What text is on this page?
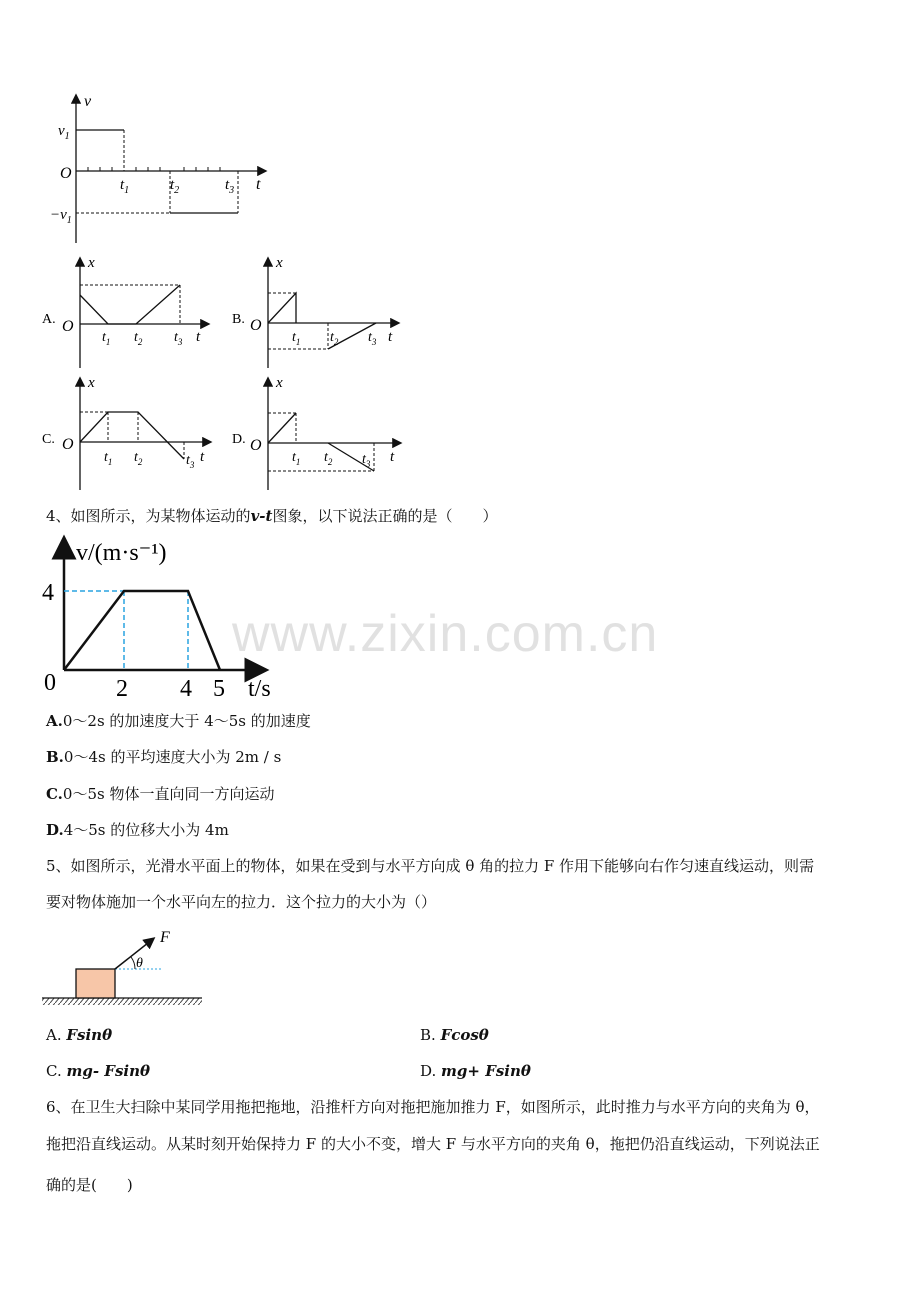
v
t
O
$v_1$
$-v_1$
$t_1$	$t_2$	$t_3$
A.
x
t
O
$t_1$ $t_2$ $t_3$
B.
x
t
O
$t_1$ $t_2$ $t_3$
C.
x
t
O
$t_1$ $t_2$	$t_3$
D.
x
t
O
$t_1$ $t_2$ $t_3$
4、如图所示，为某物体运动的v-t图象，以下说法正确的是（　　）
v/(m·s⁻¹)
4
0	2 4 5 t/s
www.zixin.com.cn
A.0～2s 的加速度大于 4～5s 的加速度
B.0～4s 的平均速度大小为 2m / s
C.0～5s 物体一直向同一方向运动
D.4～5s 的位移大小为 4m
5、如图所示，光滑水平面上的物体，如果在受到与水平方向成 θ 角的拉力 F 作用下能够向右作匀速直线运动，则需
要对物体施加一个水平向左的拉力．这个拉力的大小为（）
F
θ
A. Fsinθ	B. Fcosθ
C. mg- Fsinθ	D. mg+ Fsinθ
6、在卫生大扫除中某同学用拖把拖地，沿推杆方向对拖把施加推力 F，如图所示，此时推力与水平方向的夹角为 θ，
拖把沿直线运动。从某时刻开始保持力 F 的大小不变，增大 F 与水平方向的夹角 θ，拖把仍沿直线运动，下列说法正
确的是(　　)
